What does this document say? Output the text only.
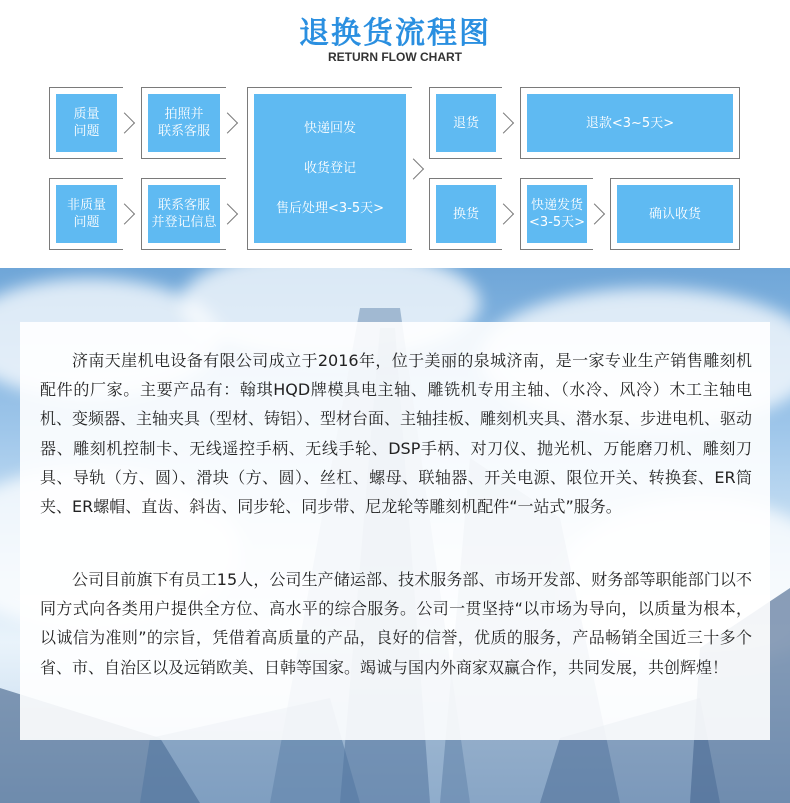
退换货流程图
RETURN FLOW CHART
质量
问题
拍照并
联系客服	快递回发
收货登记
售后处理<3-5天>
退货	退款<3~5天>
非质量
问题
联系客服
并登记信息
换货
快递发货
<3-5天>
确认收货

济南天崖机电设备有限公司成立于2016年，位于美丽的泉城济南，是一家专业生产销售雕刻机配件的厂家。主要产品有：翰琪HQD牌模具电主轴、雕铣机专用主轴、（水冷、风冷）木工主轴电机、变频器、主轴夹具（型材、铸铝）、型材台面、主轴挂板、雕刻机夹具、潜水泵、步进电机、驱动器、雕刻机控制卡、无线遥控手柄、无线手轮、DSP手柄、对刀仪、抛光机、万能磨刀机、雕刻刀具、导轨（方、圆）、滑块（方、圆）、丝杠、螺母、联轴器、开关电源、限位开关、转换套、ER筒夹、ER螺帽、直齿、斜齿、同步轮、同步带、尼龙轮等雕刻机配件“一站式”服务。

公司目前旗下有员工15人，公司生产储运部、技术服务部、市场开发部、财务部等职能部门以不同方式向各类用户提供全方位、高水平的综合服务。公司一贯坚持“以市场为导向，以质量为根本，以诚信为准则”的宗旨，凭借着高质量的产品，良好的信誉，优质的服务，产品畅销全国近三十多个省、市、自治区以及远销欧美、日韩等国家。竭诚与国内外商家双赢合作，共同发展，共创辉煌！
